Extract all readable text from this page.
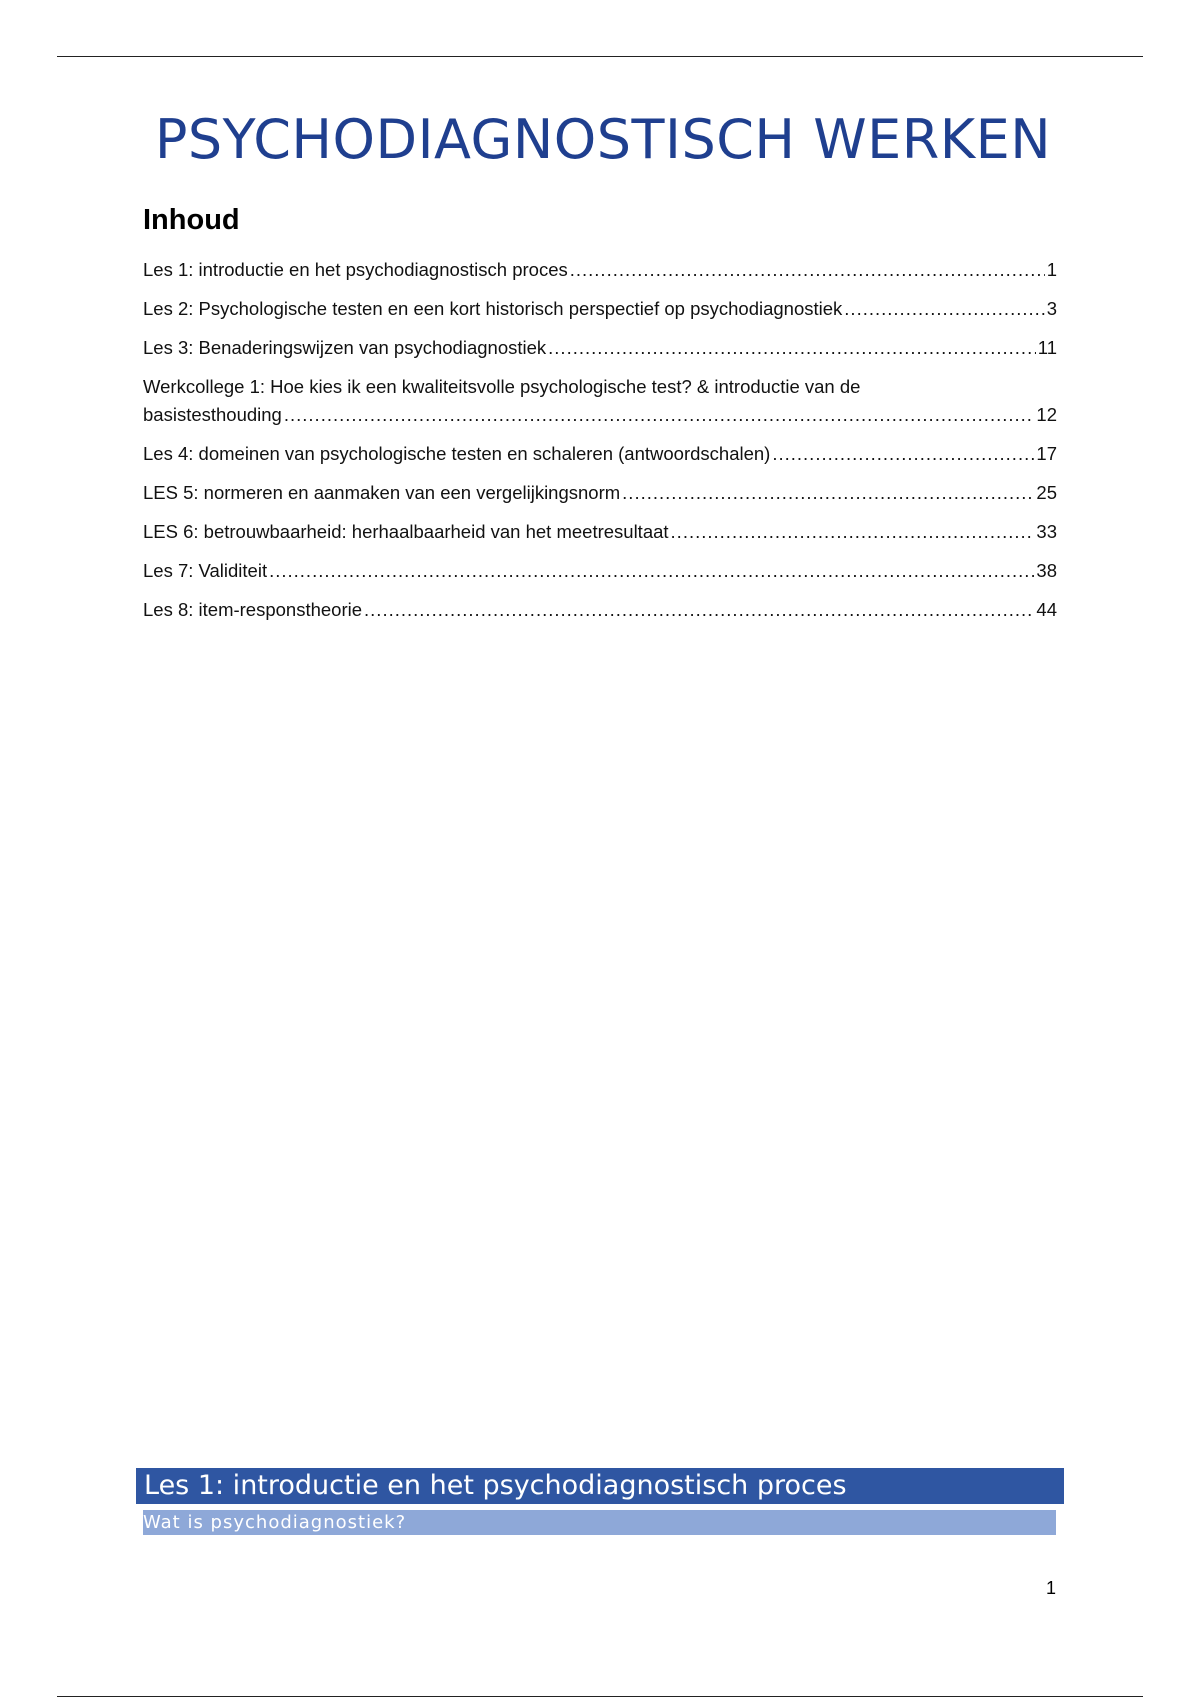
PSYCHODIAGNOSTISCH WERKEN
Inhoud
Les 1: introductie en het psychodiagnostisch proces .....	1
Les 2: Psychologische testen en een kort historisch perspectief op psychodiagnostiek .....	3
Les 3: Benaderingswijzen van psychodiagnostiek .....	11
Werkcollege 1: Hoe kies ik een kwaliteitsvolle psychologische test? & introductie van de
basistesthouding .....	12
Les 4: domeinen van psychologische testen en schaleren (antwoordschalen) .....	17
LES 5: normeren en aanmaken van een vergelijkingsnorm .....	25
LES 6: betrouwbaarheid: herhaalbaarheid van het meetresultaat .....	33
Les 7: Validiteit .....	38
Les 8: item-responstheorie .....	44
Les 1: introductie en het psychodiagnostisch proces
Wat is psychodiagnostiek?
1
